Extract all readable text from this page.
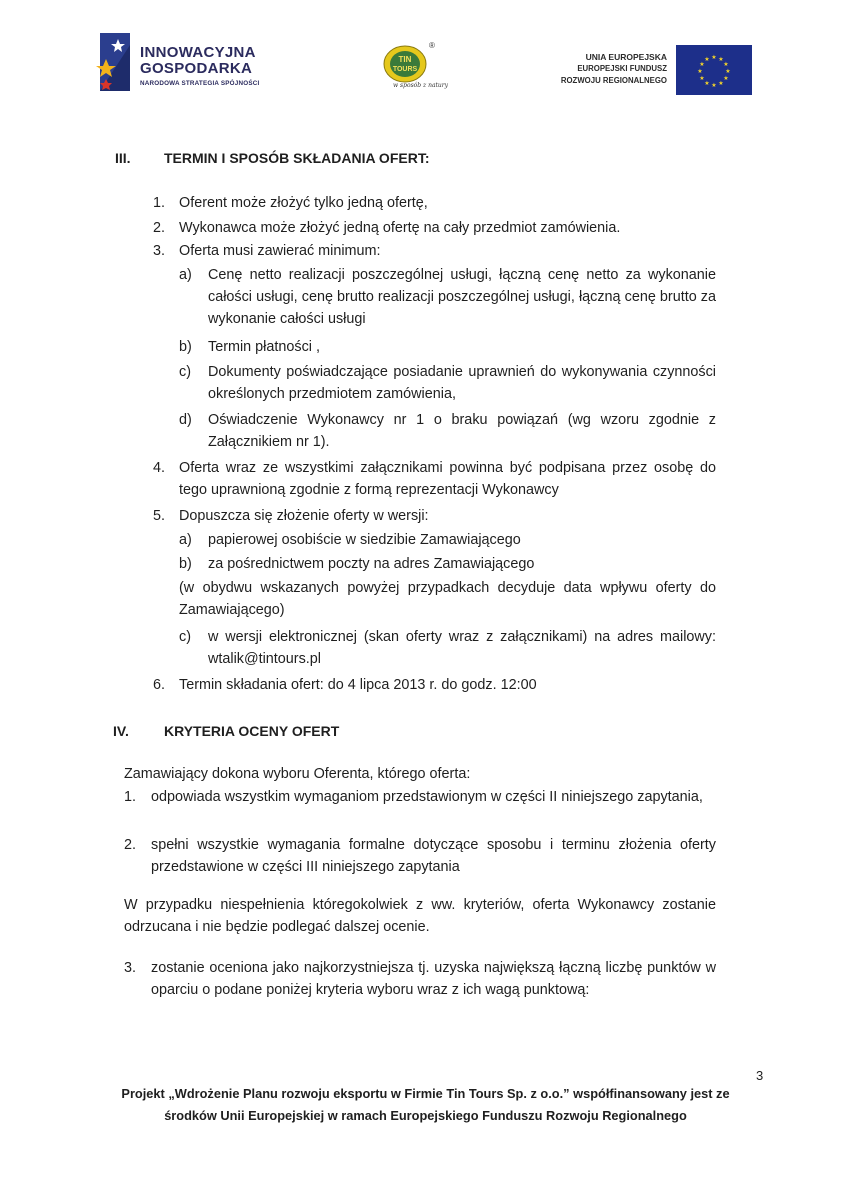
INNOWACYJNA
GOSPODARKA
NARODOWA STRATEGIA SPÓJNOŚCI
TIN
TOURS
®
w sposób z natury
UNIA EUROPEJSKA
EUROPEJSKI FUNDUSZ
ROZWOJU REGIONALNEGO
★ ★
★
★
★
★
★
★
★
★
★
★
III. TERMIN I SPOSÓB SKŁADANIA OFERT:
1. Oferent może złożyć tylko jedną ofertę,
2. Wykonawca może złożyć jedną ofertę na cały przedmiot zamówienia.
3. Oferta musi zawierać minimum:
a) Cenę netto realizacji poszczególnej usługi, łączną cenę netto za wykonanie całości usługi, cenę brutto realizacji poszczególnej usługi, łączną cenę brutto za wykonanie całości usługi
b) Termin płatności ,
c) Dokumenty poświadczające posiadanie uprawnień do wykonywania czynności określonych przedmiotem zamówienia,
d) Oświadczenie Wykonawcy nr 1 o braku powiązań (wg wzoru zgodnie z Załącznikiem nr 1).
4. Oferta wraz ze wszystkimi załącznikami powinna być podpisana przez osobę do tego uprawnioną zgodnie z formą reprezentacji Wykonawcy
5. Dopuszcza się złożenie oferty w wersji:
a) papierowej osobiście w siedzibie Zamawiającego
b) za pośrednictwem poczty na adres Zamawiającego
(w obydwu wskazanych powyżej przypadkach decyduje data wpływu oferty do Zamawiającego)
c) w wersji elektronicznej (skan oferty wraz z załącznikami) na adres mailowy: wtalik@tintours.pl
6. Termin składania ofert: do 4 lipca 2013 r. do godz. 12:00
IV.	KRYTERIA OCENY OFERT
Zamawiający dokona wyboru Oferenta, którego oferta:
1. odpowiada wszystkim wymaganiom przedstawionym w części II niniejszego zapytania,
2. spełni wszystkie wymagania formalne dotyczące sposobu i terminu złożenia oferty przedstawione w części III niniejszego zapytania
W przypadku niespełnienia któregokolwiek z ww. kryteriów, oferta Wykonawcy zostanie odrzucana i nie będzie podlegać dalszej ocenie.
3. zostanie oceniona jako najkorzystniejsza tj. uzyska największą łączną liczbę punktów w oparciu o podane poniżej kryteria wyboru wraz z ich wagą punktową:
3
Projekt „Wdrożenie Planu rozwoju eksportu w Firmie Tin Tours Sp. z o.o.” współfinansowany jest ze
środków Unii Europejskiej w ramach Europejskiego Funduszu Rozwoju Regionalnego
